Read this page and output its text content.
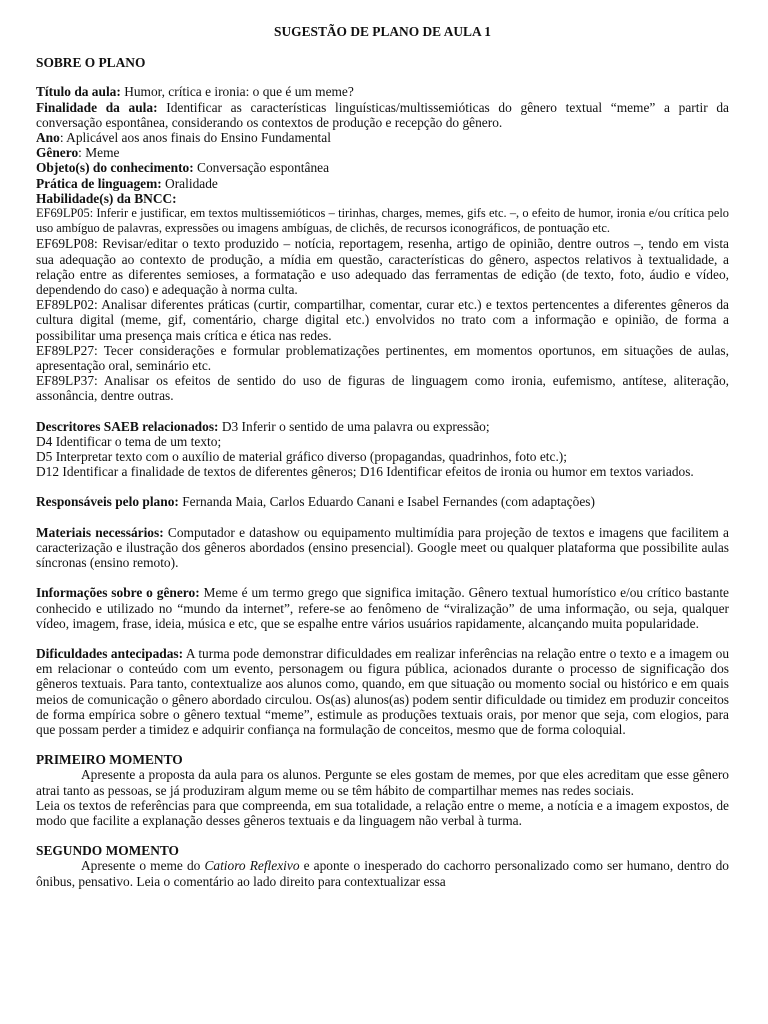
SUGESTÃO DE PLANO DE AULA 1
SOBRE O PLANO

Título da aula: Humor, crítica e ironia: o que é um meme?

Finalidade da aula: Identificar as características linguísticas/multissemióticas do gênero textual “meme” a partir da conversação espontânea, considerando os contextos de produção e recepção do gênero.

Ano: Aplicável aos anos finais do Ensino Fundamental

Gênero: Meme

Objeto(s) do conhecimento: Conversação espontânea

Prática de linguagem: Oralidade

Habilidade(s) da BNCC:

EF69LP05: Inferir e justificar, em textos multissemióticos – tirinhas, charges, memes, gifs etc. –, o efeito de humor, ironia e/ou crítica pelo uso ambíguo de palavras, expressões ou imagens ambíguas, de clichês, de recursos iconográficos, de pontuação etc.

EF69LP08: Revisar/editar o texto produzido – notícia, reportagem, resenha, artigo de opinião, dentre outros –, tendo em vista sua adequação ao contexto de produção, a mídia em questão, características do gênero, aspectos relativos à textualidade, a relação entre as diferentes semioses, a formatação e uso adequado das ferramentas de edição (de texto, foto, áudio e vídeo, dependendo do caso) e adequação à norma culta.

EF89LP02: Analisar diferentes práticas (curtir, compartilhar, comentar, curar etc.) e textos pertencentes a diferentes gêneros da cultura digital (meme, gif, comentário, charge digital etc.) envolvidos no trato com a informação e opinião, de forma a possibilitar uma presença mais crítica e ética nas redes.

EF89LP27: Tecer considerações e formular problematizações pertinentes, em momentos oportunos, em situações de aulas, apresentação oral, seminário etc.

EF89LP37: Analisar os efeitos de sentido do uso de figuras de linguagem como ironia, eufemismo, antítese, aliteração, assonância, dentre outras.

Descritores SAEB relacionados: D3 Inferir o sentido de uma palavra ou expressão;

D4 Identificar o tema de um texto;

D5 Interpretar texto com o auxílio de material gráfico diverso (propagandas, quadrinhos, foto etc.);

D12 Identificar a finalidade de textos de diferentes gêneros; D16 Identificar efeitos de ironia ou humor em textos variados.

Responsáveis pelo plano: Fernanda Maia, Carlos Eduardo Canani e Isabel Fernandes (com adaptações)

Materiais necessários: Computador e datashow ou equipamento multimídia para projeção de textos e imagens que facilitem a caracterização e ilustração dos gêneros abordados (ensino presencial). Google meet ou qualquer plataforma que possibilite aulas síncronas (ensino remoto).

Informações sobre o gênero: Meme é um termo grego que significa imitação. Gênero textual humorístico e/ou crítico bastante conhecido e utilizado no “mundo da internet”, refere-se ao fenômeno de “viralização” de uma informação, ou seja, qualquer vídeo, imagem, frase, ideia, música e etc, que se espalhe entre vários usuários rapidamente, alcançando muita popularidade.

Dificuldades antecipadas: A turma pode demonstrar dificuldades em realizar inferências na relação entre o texto e a imagem ou em relacionar o conteúdo com um evento, personagem ou figura pública, acionados durante o processo de significação dos gêneros textuais. Para tanto, contextualize aos alunos como, quando, em que situação ou momento social ou histórico e em quais meios de comunicação o gênero abordado circulou. Os(as) alunos(as) podem sentir dificuldade ou timidez em produzir conceitos de forma empírica sobre o gênero textual “meme”, estimule as produções textuais orais, por menor que seja, com elogios, para que possam perder a timidez e adquirir confiança na formulação de conceitos, mesmo que de forma coloquial.

PRIMEIRO MOMENTO

Apresente a proposta da aula para os alunos. Pergunte se eles gostam de memes, por que eles acreditam que esse gênero atrai tanto as pessoas, se já produziram algum meme ou se têm hábito de compartilhar memes nas redes sociais.

Leia os textos de referências para que compreenda, em sua totalidade, a relação entre o meme, a notícia e a imagem expostos, de modo que facilite a explanação desses gêneros textuais e da linguagem não verbal à turma.

SEGUNDO MOMENTO

Apresente o meme do Catioro Reflexivo e aponte o inesperado do cachorro personalizado como ser humano, dentro do ônibus, pensativo. Leia o comentário ao lado direito para contextualizar essa
